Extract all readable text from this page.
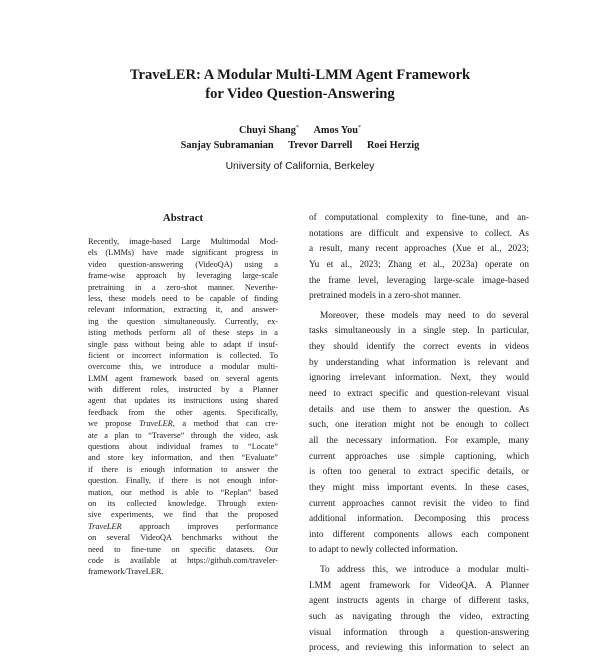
TraveLER: A Modular Multi-LMM Agent Framework
for Video Question-Answering
Chuyi Shang* Amos You*
Sanjay Subramanian Trevor Darrell Roei Herzig
University of California, Berkeley
Abstract
Recently, image-based Large Multimodal Mod-
els (LMMs) have made significant progress in
video question-answering (VideoQA) using a
frame-wise approach by leveraging large-scale
pretraining in a zero-shot manner. Neverthe-
less, these models need to be capable of finding
relevant information, extracting it, and answer-
ing the question simultaneously. Currently, ex-
isting methods perform all of these steps in a
single pass without being able to adapt if insuf-
ficient or incorrect information is collected. To
overcome this, we introduce a modular multi-
LMM agent framework based on several agents
with different roles, instructed by a Planner
agent that updates its instructions using shared
feedback from the other agents. Specifically,
we propose TraveLER, a method that can cre-
ate a plan to “Traverse” through the video, ask
questions about individual frames to “Locate”
and store key information, and then “Evaluate”
if there is enough information to answer the
question. Finally, if there is not enough infor-
mation, our method is able to “Replan” based
on its collected knowledge. Through exten-
sive experiments, we find that the proposed
TraveLER approach improves performance
on several VideoQA benchmarks without the
need to fine-tune on specific datasets. Our
code is available at https://github.com/traveler-
framework/TraveLER.
of computational complexity to fine-tune, and an-
notations are difficult and expensive to collect. As
a result, many recent approaches (Xue et al., 2023;
Yu et al., 2023; Zhang et al., 2023a) operate on
the frame level, leveraging large-scale image-based
pretrained models in a zero-shot manner.
Moreover, these models may need to do several
tasks simultaneously in a single step. In particular,
they should identify the correct events in videos
by understanding what information is relevant and
ignoring irrelevant information. Next, they would
need to extract specific and question-relevant visual
details and use them to answer the question. As
such, one iteration might not be enough to collect
all the necessary information. For example, many
current approaches use simple captioning, which
is often too general to extract specific details, or
they might miss important events. In these cases,
current approaches cannot revisit the video to find
additional information. Decomposing this process
into different components allows each component
to adapt to newly collected information.
To address this, we introduce a modular multi-
LMM agent framework for VideoQA. A Planner
agent instructs agents in charge of different tasks,
such as navigating through the video, extracting
visual information through a question-answering
process, and reviewing this information to select an
